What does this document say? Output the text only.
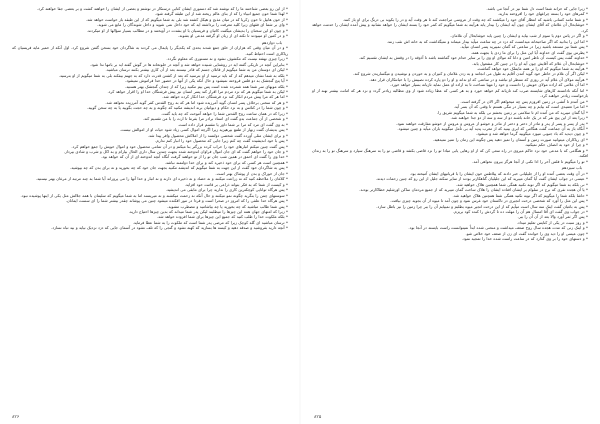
* از این رو بعضی شناختند ما را که نوشته شد که دستوری ایشان کتابی درستکار در نوشتم و بعضی از ایشان را خواهند کشت و بر بعضی جفا خواهند کرد.

* لهذا شما خون جمیع انبیاء را که از بنای عالم ریخته شد از این طبقه گرفته شود.

* از خون هابیل تا خون زکریا که در میان مذبح و هیکل کشته شد بلی به شما میگویم که از این طبقه باز خواست خواهد شد.

* وای بر شما ای فقهای زیرا کلید معرفت را برداشته اید که خود داخل نمی شوید و داخل شوندگان را مانع می شوید.

* و چون او این سخنان را بدیشان میگفت کاتبان و فریسیان با او بشدت در آویختند و در مطالب بسیار سؤالها از او میکردند.

* و در کمین او میبودند تا نکته ای از زبان او گرفته مدعی او بشوند.

باب دوازدهم

* و در آن میان وقتی که هزاران از خلق جمع شدند بحدی که یکدیگر را پایمال می کردند به شاگردان خود بسخن گفتن شروع کرد. اول آنکه از خمیر مایه فریسیان که ریاکاری است احتیاط کنید.

* زیرا چیزی نهفته نیست که مکشوف نشود و نه مستوری که معلوم نگردد.

* بنابراین آنچه در تاریکی گفته اید در روشنایی شنیده خواهد شد و آنچه در خلوتخانه ها در گوش گفته اید بر بامها ندا شود.

* لیکن ای دوستان من به شما میگویم از قاتلان جسم که قادر نیستند بعد از آن کاری بیشتر بکنند ترسان مباشید.

* بلکه به شما نشان میدهم که از که باید ترسید از او بترسید که بعد از کشتن قدرت دارد که به جهنم بیفکند بلی به شما میگویم از او بترسید.

* آیا پنج گنجشک به دو فلس فروخته نمیشود و حال آنکه یکی از آنها در حضور خدا فراموش نمیشود.

* بلکه مویهای سر شما همه شمرده شده است پس بیم مکنید زیرا که از چندان گنجشک بهتر هستید.

* لیکن به شما میگویم هر که نزد مردم مرا اقرار کند پسر انسان نیز پیش فرشتگان خدا او را اقرار خواهد کرد.

* اما هر که مرا پیش مردم انکار کند نزد فرشتگان خدا انکار کرده خواهد شد.

* و هر که سخنی برخلاف پسر انسان گوید آمرزیده شود اما هر که به روح القدس کفر گوید آمرزیده نخواهد شد.

* و چون شما را در کنائس و به نزد حکام و دیوانیان برند اندیشه مکنید که چگونه و به چه حجت بگویید یا به چه سخن گویید.

* زیرا که در همان ساعت روح القدس شما را خواهد آموخت که چه باید گفت.

* و شخصی از آن جماعت بدو گفت ای استاد برادر مرا بفرما تا ارث را با من تقسیم کند.

* به وی گفت ای مرد که مرا بر شما داور یا مقسم قرار داده است.

* پس بدیشان گفت زنهار از طمع بپرهیزید زیرا اگرچه اموال کسی زیاد شود حیات او از اموالش نیست.

* و برای ایشان مثلی آورده گفت شخصی دولتمند را از املاکش محصول وافر پیدا شد.

* پس با خود اندیشیده گفت چه کنم زیرا جایی که محصول خود را انبار کنم ندارم.

* پس گفت چنین میکنم انبارهای خود را خراب کرده بزرگتر بنا میکنم و در آن تمامی محصول خود و اموال خویش را جمع خواهم کرد.

* و جان خود را خواهم گفت که ای جان اموال فراوان اندوخته شده بجهت چندین سال داری الحال بیارام و به اکل و شرب و شادی بپرداز.

* خدا وی را گفت ای احمق در همین شب جان تو را از تو خواهند گرفت آنگاه آنچه اندوخته ای از آن که خواهد بود.

* همچنین است هر کسی که برای خود ذخیره کند و برای خدا دولتمند نباشد.

* پس به شاگردان خود گفت از این جهت به شما میگویم که اندیشه مکنید بجهت جان خود که چه بخورید و نه برای بدن که چه بپوشید.

* جان از خوراک و بدن از پوشاک بهتر است.

* کلاغان را ملاحظه کنید که نه زراعت میکنند و نه حصاد و نه ذخیره ای دارند و نه انبار و خدا آنها را می پروراند آیا شما به چند مرتبه از مرغان بهتر نیستید.

* و کیست از شما که به فکر بتواند ذراعی بر قامت خود افزاید.

* پس هرگاه توانایی کوچکترین کاری را ندارید چرا برای مابقی می اندیشید.

* سوسنهای چمن را بنگرید چگونه نمو میکنند و حال آنکه نه زحمت میکشند و نه میریسند اما به شما میگویم که سلیمان با همه جلالش مثل یکی از اینها پوشیده نبود.

* پس هرگاه خدا علفی را که امروز در صحرا است و فردا در تنور افکنده میشود چنین می پوشاند چقدر بیشتر شما را ای سست ایمانان.

* پس شما طالب مباشید که چه بخورید یا چه بیاشامید و مضطرب مشوید.

* زیرا که امتهای جهان همه این چیزها را میطلبند لیکن پدر شما میداند که بدین چیزها احتیاج دارید.

* بلکه ملکوت خدا را طلب کنید که جمیع این چیزها برای شما افزوده خواهد شد.

* ترسان مباشید ای گله کوچک زیرا که مرضی پدر شما است که ملکوت را به شما عطا فرماید.

* آنچه دارید بفروشید و صدقه دهید و کیسه ها بسازید که کهنه نشود و گنجی را که تلف نشود در آسمان جایی که دزد نزدیک نیاید و بید تباه نسازد.

۸۲۶

* زیرا جایی که خزانه شما است دل شما نیز در آنجا می باشد.

* کمرهای خود را بسته چراغهای خود را افروخته بدارید.

* و شما مانند کسانی باشید که انتظار آقای خود را میکشند که چه وقت از عروسی مراجعت کند تا هر وقت آید و در را بکوبد بی درنگ برای او باز کنند.

* خوشابحال آن غلامان که آقای ایشان چون آید ایشان را بیدار یابد هرآینه به شما میگویم که کمر خود را بسته ایشان را خواهد نشانید و پیش آمده ایشان را خدمت خواهد کرد.

* و اگر در پاس دوم یا سوم از شب بیاید و ایشان را چنین یابد خوشابحال آن غلامان.

* اما این را بدانید که اگر صاحبخانه میدانست که دزد در چه ساعت میآید بیدار میماند و نمیگذاشت که به خانه اش نقب زنند.

* پس شما نیز مستعد باشید زیرا در ساعتی که گمان نمیبرید پسر انسان میآید.

* پطرس بوی گفت ای خداوند آیا این مثل را برای ما زدی یا بجهت همه.

* خداوند گفت پس کیست آن ناظر امین و دانا که مولای او وی را بر سایر خدام خود گماشته باشد تا آذوقه را در وقتش به ایشان تقسیم کند.

* خوشابحال آن غلام که آقایش چون آید او را در چنین کار مشغول یابد.

* هرآینه به شما میگویم که او را بر همه مایملک خود خواهد گماشت.

* لیکن اگر آن غلام در خاطر خود گوید آمدن آقایم به طول می انجامد و به زدن غلامان و کنیزان و به خوردن و نوشیدن و میگساریدن شروع کند.

* هرآینه مولای آن غلام آید در روزی که منتظر او نباشد و در ساعتی که او نداند و او را دو پاره کرده نصیبش را با خیانتکاران قرار دهد.

* اما آن غلامی که اراده مولای خویش را دانست و خود را مهیا نساخت تا به اراده او عمل نماید تازیانه بسیار خواهد خورد.

* اما آنکه نادانسته کارهای شایسته ضرب کند تازیانه کم خواهد خورد و به هر کسی که عطا زیاده شود از وی مطالبه زیادتر گردد و نزد هر که امانت بیشتر نهند از او بازخواست زیادتر خواهند کرد.

* من آمدم تا آتشی در زمین افروزم پس چه میخواهم اگر الان در گرفته است.

* اما مرا تعمیدی است که بیابم و چه بسیار در تنگی هستم تا وقتی که آن بسر آید.

* آیا گمان میبرید که من آمده ام تا سلامتی بر زمین بخشم نی بلکه به شما میگویم تفریق را.

* زیرا بعد از این پنج نفر که در یک خانه باشند دو از سه و سه از دو جدا خواهند شد.

* پدر از پسر و پسر از پدر و مادر از دختر و دختر از مادر و خوشو از عروس و عروس از خوشو مفارقت خواهند نمود.

* آنگاه باز به آن جماعت گفت هنگامی که ابری بینید که از مغرب پدید آید بی تأمل میگویید باران میآید و چنین میشود.

* و چون دیدید که باد جنوبی میوزد میگویید گرما خواهد شد و میشود.

* ای ریاکاران میتوانید صورت زمین و آسمان را تمیز دهید پس چگونه این زمان را تمیز نمیدهید.

* و چرا از خود به انصاف حکم نمیکنید.

* و هنگامی که با مدعی خود نزد حاکم میروی در راه سعی کن که از او رهایی یابی مبادا تو را نزد قاضی بکشد و قاضی تو را به سرهنگ سپارد و سرهنگ تو را به زندان افکند.

* تو را میگویم تا فلس آخر را ادا نکنی از آنجا هرگز بیرون نخواهی آمد.

باب سیزدهم

* در آن وقت بعضی آمده او را از جلیلیانی خبر دادند که پیلاطس خون ایشان را با قربانیهای ایشان آمیخته بود.

* عیسی در جواب ایشان گفت آیا گمان میبرید که این جلیلیان گناهکارتر بودند از سایر سکنه جلیل از این رو که چنین زحمات دیدند.

* نی بلکه به شما میگویم که اگر توبه نکنید همگی شما همچنین هلاک خواهید شد.

* یا آن هجده نفری که برج در سلوام بر ایشان افتاده ایشان را هلاک ساخت گمان میبرید که از جمیع مردمان ساکن اورشلیم خطاکارتر بودند.

* حاشا بلکه شما را میگویم که اگر توبه نکنید همگی شما همچنین هلاک خواهید شد.

* پس این مثل را آورد که شخصی درخت انجیری در تاکستان خود غرس نمود و چون آمد تا میوه از آن بجوید چیزی نیافت.

* پس به باغبان گفت اینک سه سال است میآیم که از این درخت انجیر میوه بطلبم و نمییابم آن را ببر چرا زمین را نیز باطل سازد.

* در جواب وی گفت ای آقا امسال هم آن را مهلت ده تا گردش را کنده کود بریزم.

* پس اگر ثمر آورد والا بعد از آن آن را ببر.

* و روز سبت در یکی از کنایس تعلیم میداد.

* و اینک زنی که مدت هجده سال روح ضعف میداشت و منحنی شده ابداً نمیتوانست راست بایستد در آنجا بود.

* چون عیسی او را دید وی را خوانده گفت ای زن از ضعف خود خلاص شو.

* و دستهای خود را بر وی گذارد که در ساعت راست شده خدا را تمجید نمود.

۸۲۵
